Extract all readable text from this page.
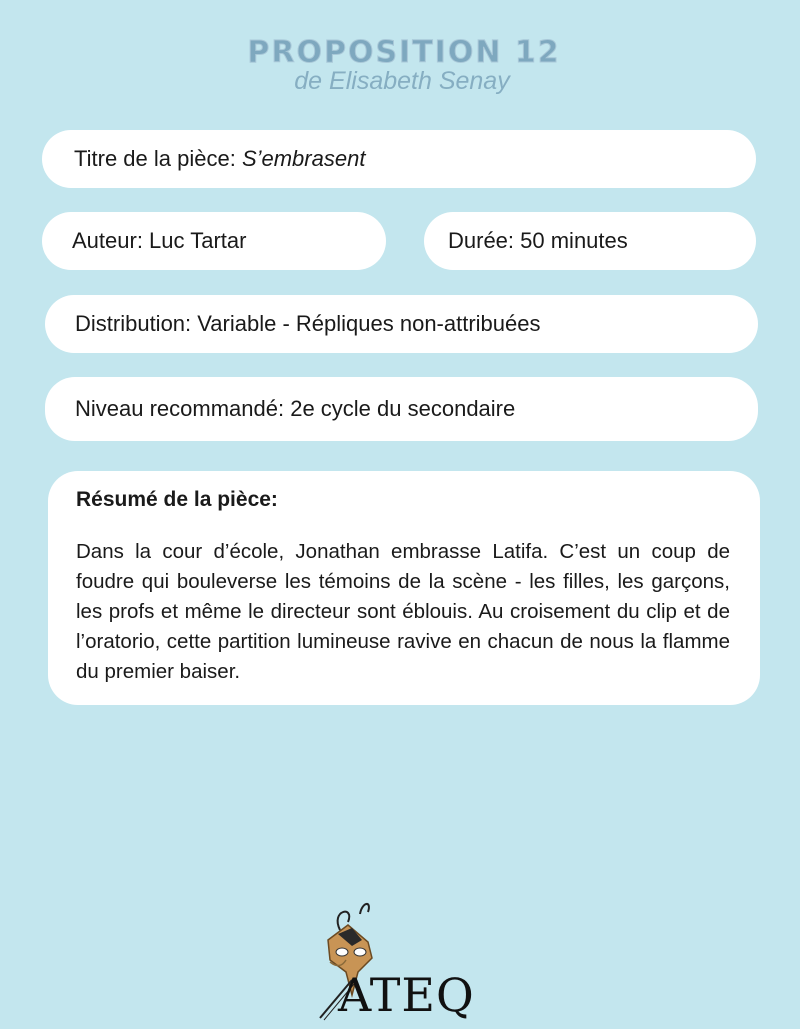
PROPOSITION 12
de Elisabeth Senay
Titre de la pièce: S’embrasent
Auteur: Luc Tartar	Durée: 50 minutes
Distribution: Variable - Répliques non-attribuées
Niveau recommandé: 2e cycle du secondaire
Résumé de la pièce:

Dans la cour d’école, Jonathan embrasse Latifa. C’est un coup de foudre qui bouleverse les témoins de la scène - les filles, les garçons, les profs et même le directeur sont éblouis. Au croisement du clip et de l’oratorio, cette partition lumineuse ravive en chacun de nous la flamme du premier baiser.

ATEQ
